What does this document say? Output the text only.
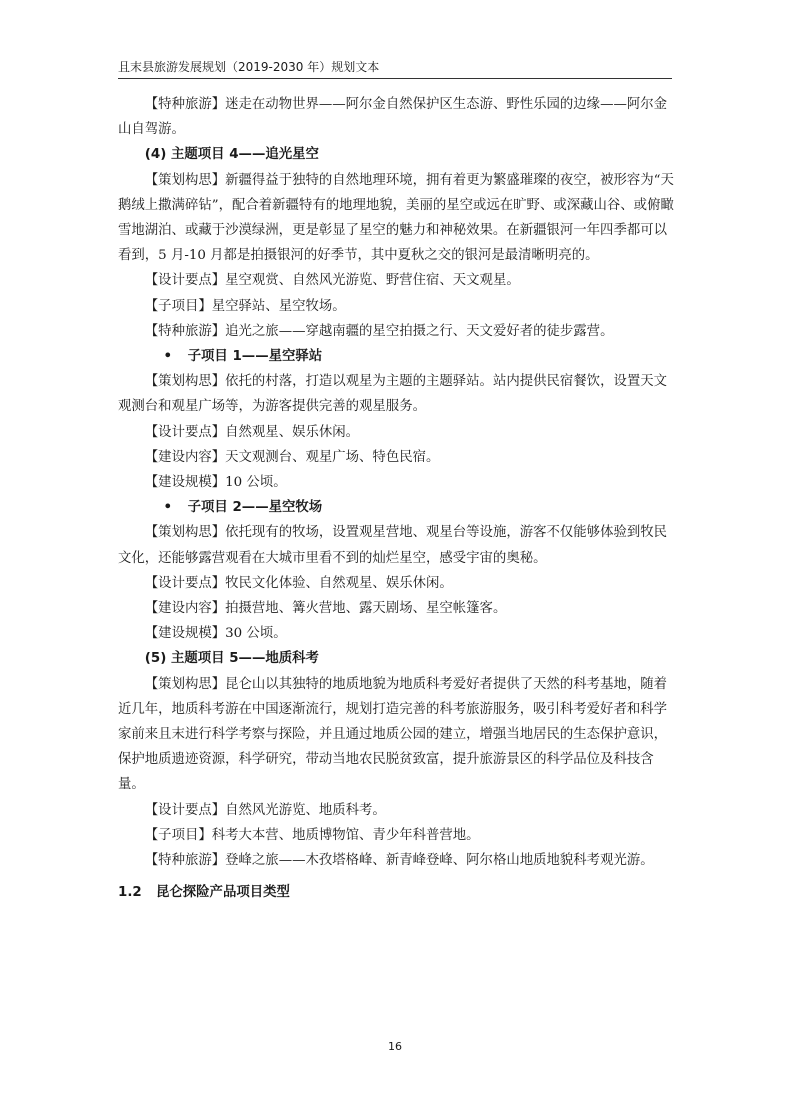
且末县旅游发展规划（2019-2030 年）规划文本

【特种旅游】迷走在动物世界——阿尔金自然保护区生态游、野性乐园的边缘——阿尔金山自驾游。

(4) 主题项目 4——追光星空

【策划构思】新疆得益于独特的自然地理环境，拥有着更为繁盛璀璨的夜空，被形容为“天鹅绒上撒满碎钻”，配合着新疆特有的地理地貌，美丽的星空或远在旷野、或深藏山谷、或俯瞰雪地湖泊、或藏于沙漠绿洲，更是彰显了星空的魅力和神秘效果。在新疆银河一年四季都可以看到，5 月-10 月都是拍摄银河的好季节，其中夏秋之交的银河是最清晰明亮的。

【设计要点】星空观赏、自然风光游览、野营住宿、天文观星。

【子项目】星空驿站、星空牧场。

【特种旅游】追光之旅——穿越南疆的星空拍摄之行、天文爱好者的徒步露营。

• 子项目 1——星空驿站

【策划构思】依托的村落，打造以观星为主题的主题驿站。站内提供民宿餐饮，设置天文观测台和观星广场等，为游客提供完善的观星服务。

【设计要点】自然观星、娱乐休闲。

【建设内容】天文观测台、观星广场、特色民宿。

【建设规模】10 公顷。

• 子项目 2——星空牧场

【策划构思】依托现有的牧场，设置观星营地、观星台等设施，游客不仅能够体验到牧民文化，还能够露营观看在大城市里看不到的灿烂星空，感受宇宙的奥秘。

【设计要点】牧民文化体验、自然观星、娱乐休闲。

【建设内容】拍摄营地、篝火营地、露天剧场、星空帐篷客。

【建设规模】30 公顷。

(5) 主题项目 5——地质科考

【策划构思】昆仑山以其独特的地质地貌为地质科考爱好者提供了天然的科考基地，随着近几年，地质科考游在中国逐渐流行，规划打造完善的科考旅游服务，吸引科考爱好者和科学家前来且末进行科学考察与探险，并且通过地质公园的建立，增强当地居民的生态保护意识，保护地质遗迹资源，科学研究，带动当地农民脱贫致富，提升旅游景区的科学品位及科技含量。

【设计要点】自然风光游览、地质科考。

【子项目】科考大本营、地质博物馆、青少年科普营地。

【特种旅游】登峰之旅——木孜塔格峰、新青峰登峰、阿尔格山地质地貌科考观光游。

1.2 昆仑探险产品项目类型

16
